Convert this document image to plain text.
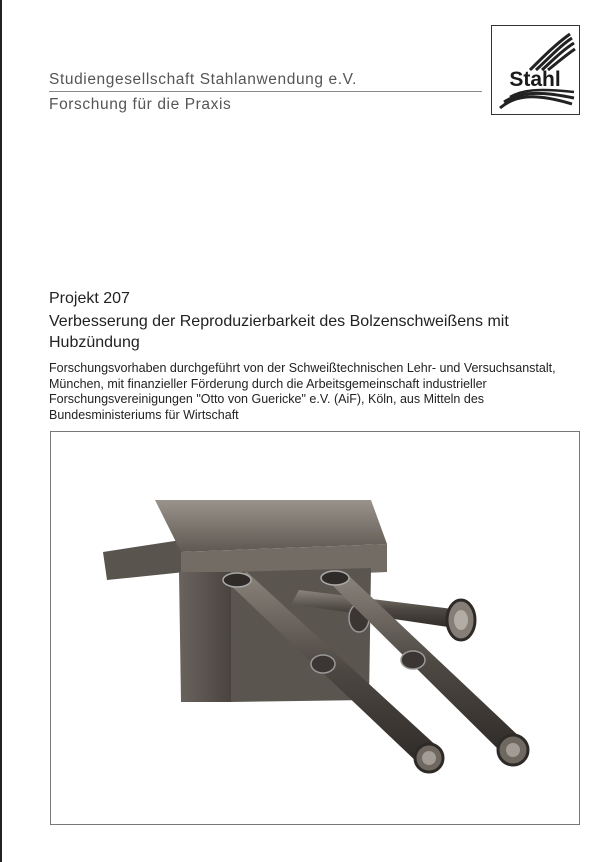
Studiengesellschaft Stahlanwendung e.V.
Forschung für die Praxis
Stahl
Projekt 207
Verbesserung der Reproduzierbarkeit des Bolzenschweißens mit Hubzündung
Forschungsvorhaben durchgeführt von der Schweißtechnischen Lehr- und Versuchsanstalt, München, mit finanzieller Förderung durch die Arbeitsgemeinschaft industrieller Forschungsvereinigungen "Otto von Guericke" e.V. (AiF), Köln, aus Mitteln des Bundesministeriums für Wirtschaft
